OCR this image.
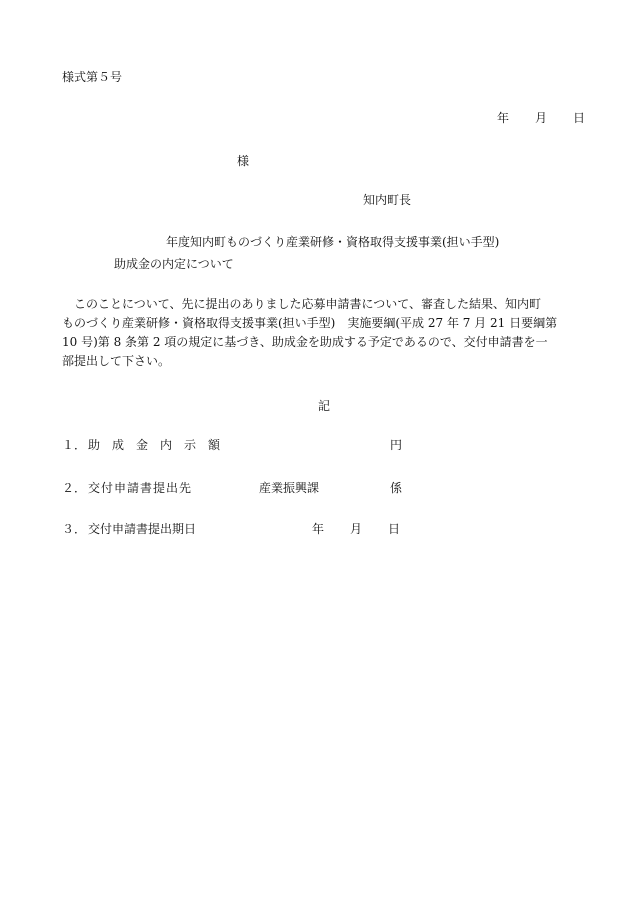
様式第５号
年 月 日
様
知内町長
年度知内町ものづくり産業研修・資格取得支援事業(担い手型)
助成金の内定について
このことについて、先に提出のありました応募申請書について、審査した結果、知内町
ものづくり産業研修・資格取得支援事業(担い手型)　実施要綱(平成 27 年 7 月 21 日要綱第
10 号)第 8 条第 2 項の規定に基づき、助成金を助成する予定であるので、交付申請書を一
部提出して下さい。
記
１． 助　成　金　内　示　額	円
２． 交付申請書提出先	産業振興課	係
３． 交付申請書提出期日	年 月 日
